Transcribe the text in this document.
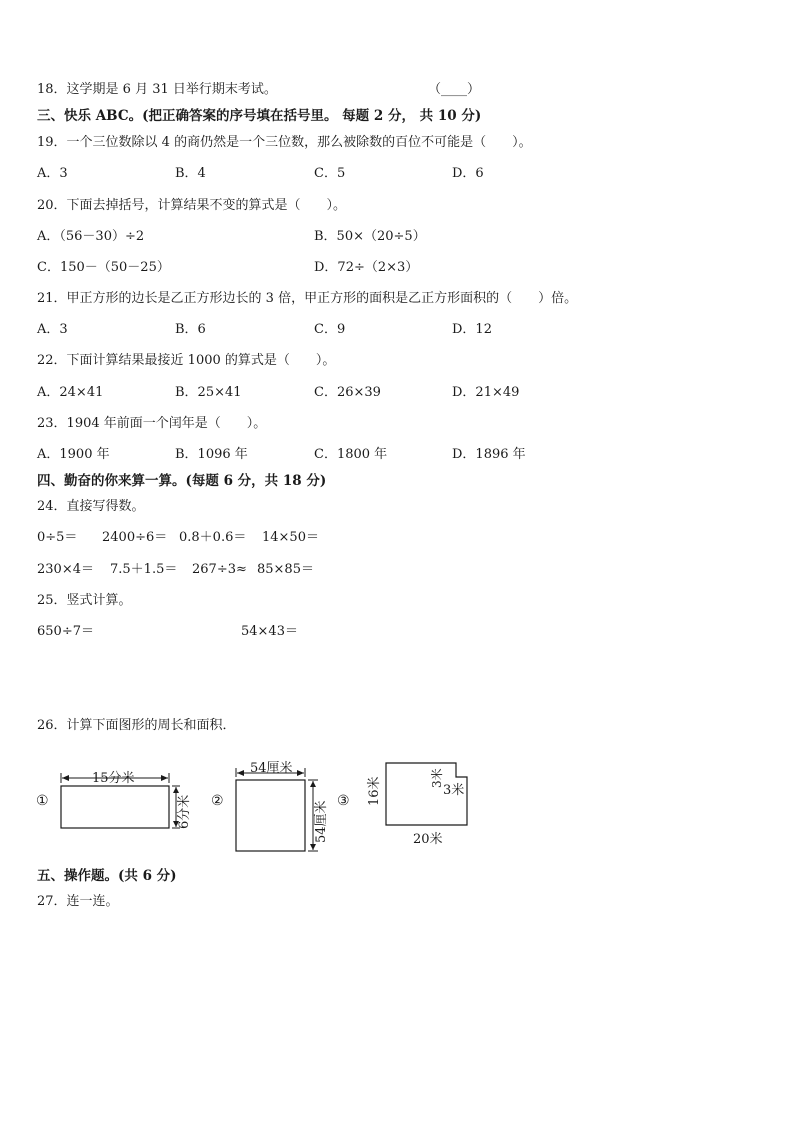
18．这学期是 6 月 31 日举行期末考试。	（____）
三、快乐 ABC。(把正确答案的序号填在括号里。 每题 2 分， 共 10 分)
19．一个三位数除以 4 的商仍然是一个三位数，那么被除数的百位不可能是（　　）。
A．3	B．4	C．5	D．6
20．下面去掉括号，计算结果不变的算式是（　　）。
A．（56－30）÷2	B．50×（20÷5）
C．150－（50－25）	D．72÷（2×3）
21．甲正方形的边长是乙正方形边长的 3 倍，甲正方形的面积是乙正方形面积的（　　）倍。
A．3	B．6	C．9	D．12
22．下面计算结果最接近 1000 的算式是（　　）。
A．24×41	B．25×41	C．26×39	D．21×49
23．1904 年前面一个闰年是（　　）。
A．1900 年	B．1096 年	C．1800 年	D．1896 年
四、勤奋的你来算一算。(每题 6 分，共 18 分)
24．直接写得数。
0÷5＝ 2400÷6＝ 0.8＋0.6＝ 14×50＝
230×4＝ 7.5＋1.5＝ 267÷3≈ 85×85＝
25．竖式计算。
650÷7＝	54×43＝
26．计算下面图形的周长和面积．
①
15分米
6分米 ②
54厘米
54厘米 ③ 16米	3米
3米
20米
五、操作题。(共 6 分)
27．连一连。
